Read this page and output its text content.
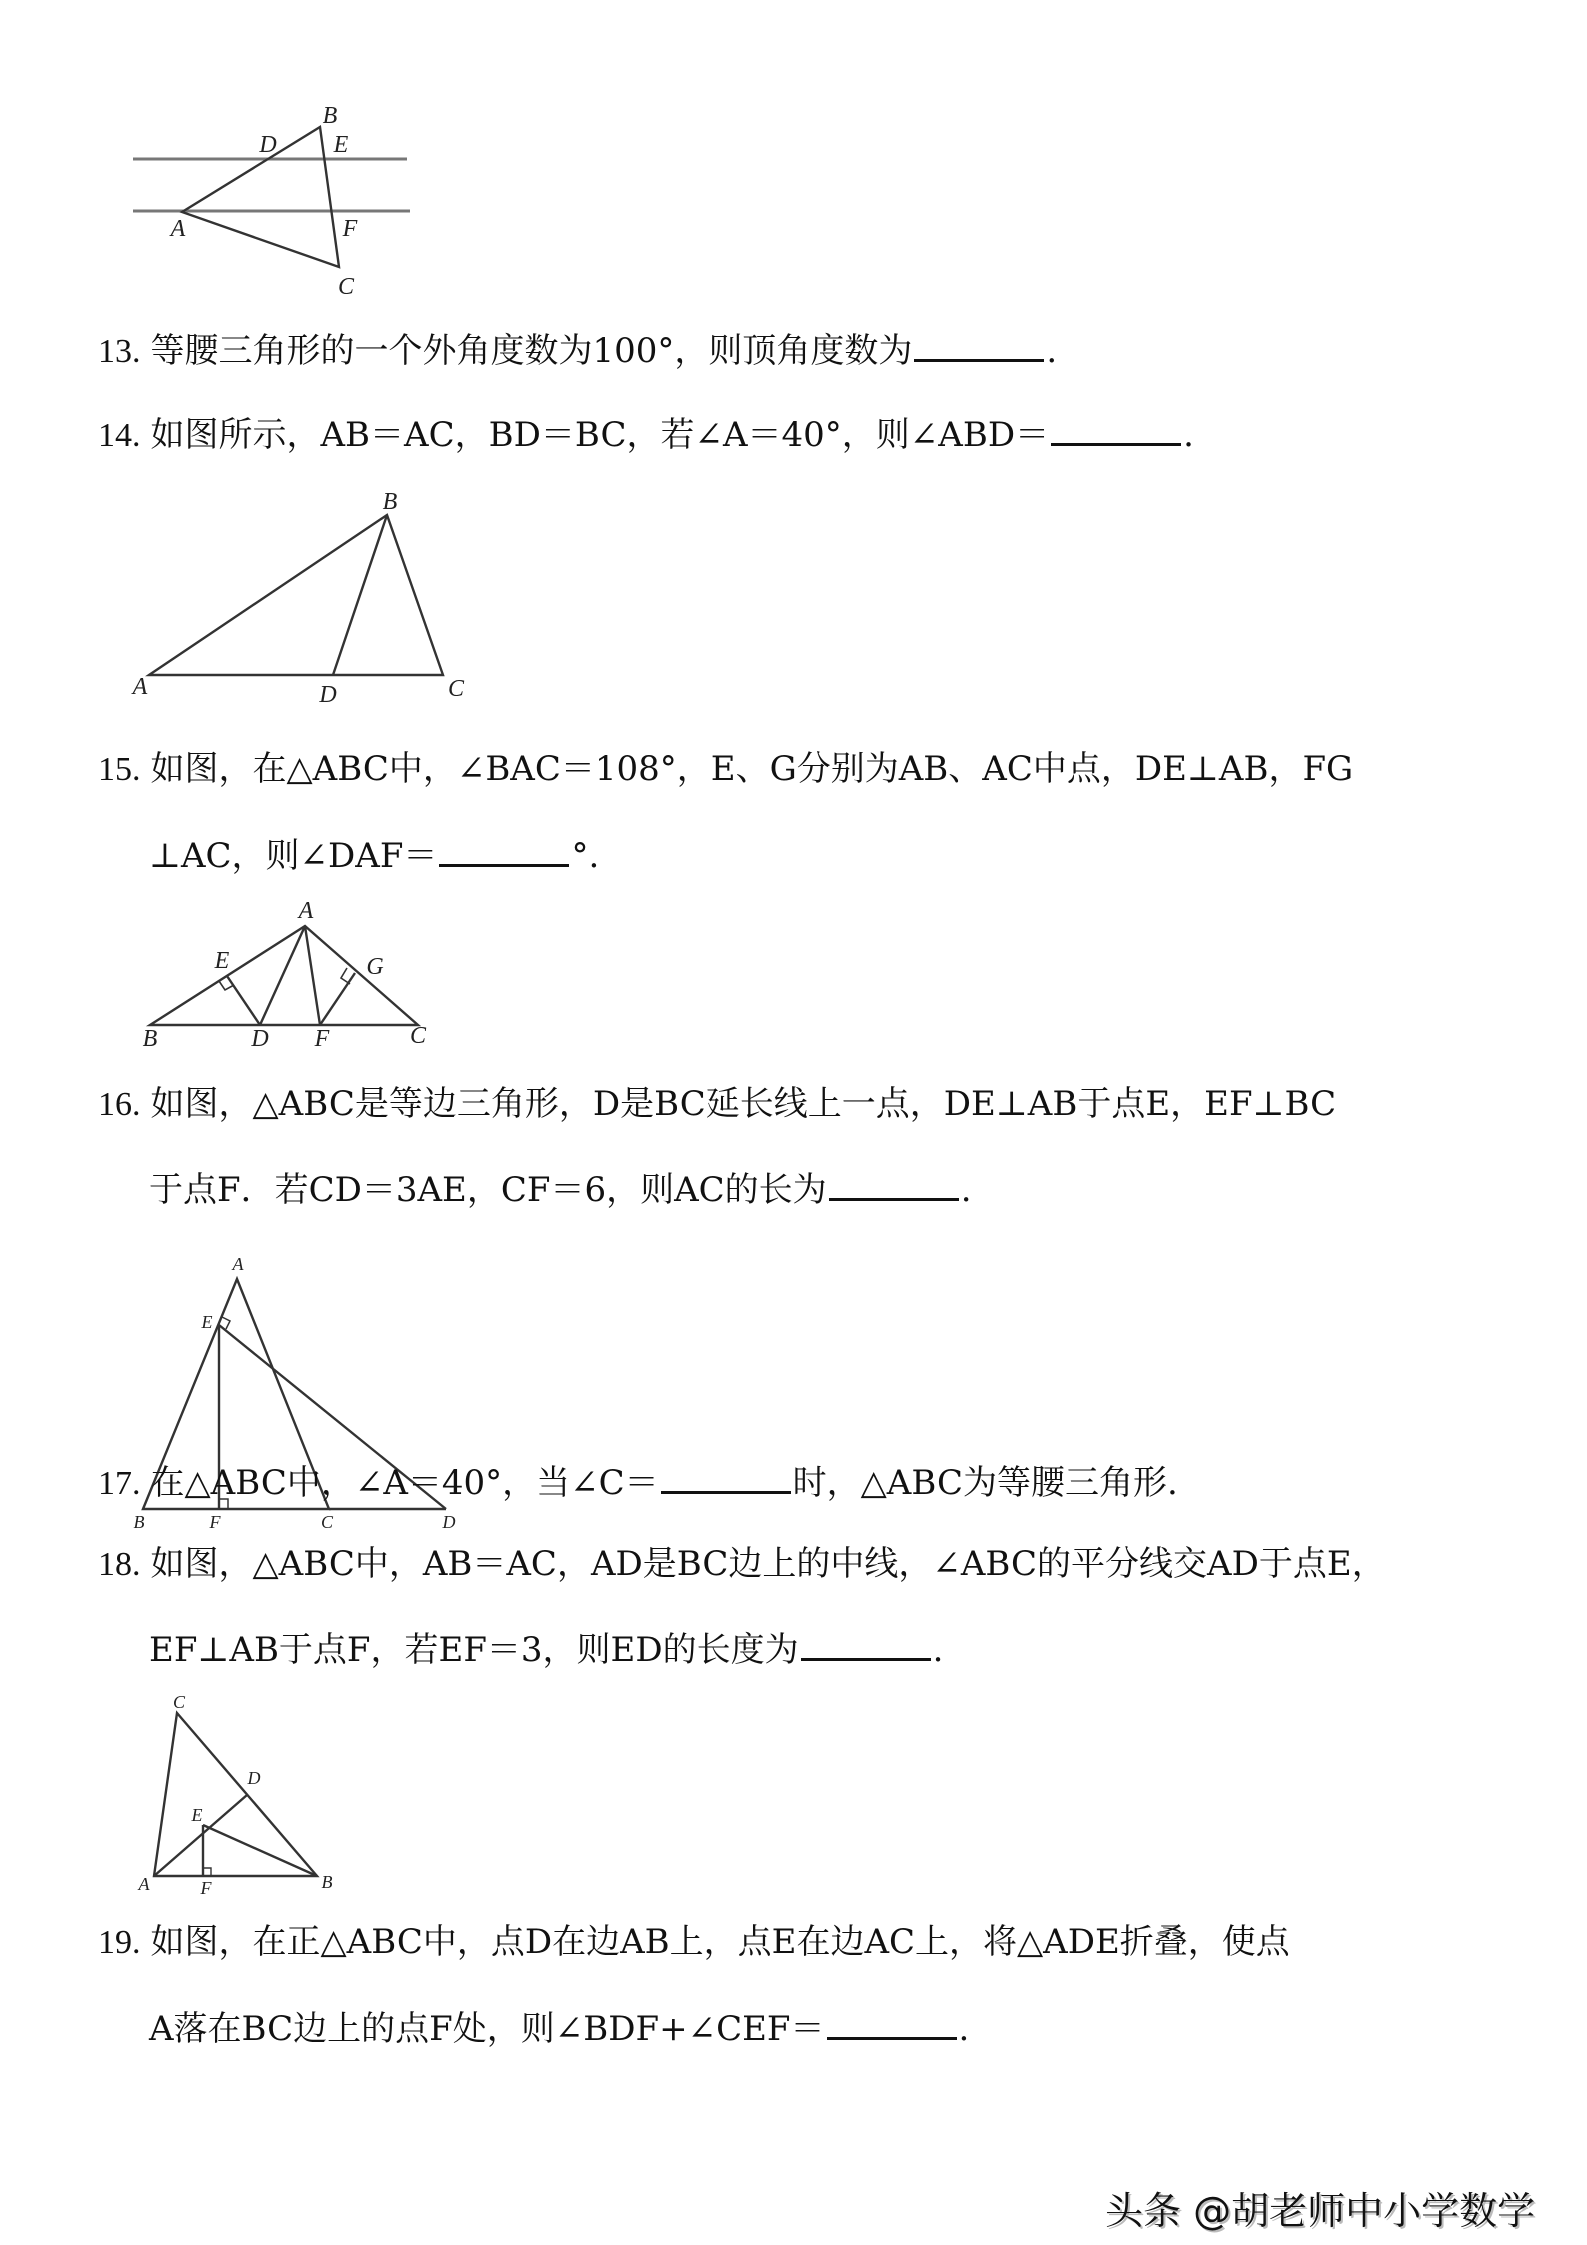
B
D E
A	F
C
B
A	D	C
A
E	G
B	D F	C
A
E
B	F	C	D
C
D
E
A	F	B
13. 等腰三角形的一个外角度数为100°，则顶角度数为	.
14. 如图所示，AB＝AC，BD＝BC，若∠A＝40°，则∠ABD＝	.
15. 如图，在△ABC中，∠BAC＝108°，E、G分别为AB、AC中点，DE⊥AB，FG
⊥AC，则∠DAF＝	°.
16. 如图，△ABC是等边三角形，D是BC延长线上一点，DE⊥AB于点E，EF⊥BC
于点F．若CD＝3AE，CF＝6，则AC的长为	.
17. 在△ABC中，∠A＝40°，当∠C＝	时，△ABC为等腰三角形.
18. 如图，△ABC中，AB＝AC，AD是BC边上的中线，∠ABC的平分线交AD于点E，
EF⊥AB于点F，若EF＝3，则ED的长度为	.
19. 如图，在正△ABC中，点D在边AB上，点E在边AC上，将△ADE折叠，使点
A落在BC边上的点F处，则∠BDF+∠CEF＝	.
头条 @胡老师中小学数学
